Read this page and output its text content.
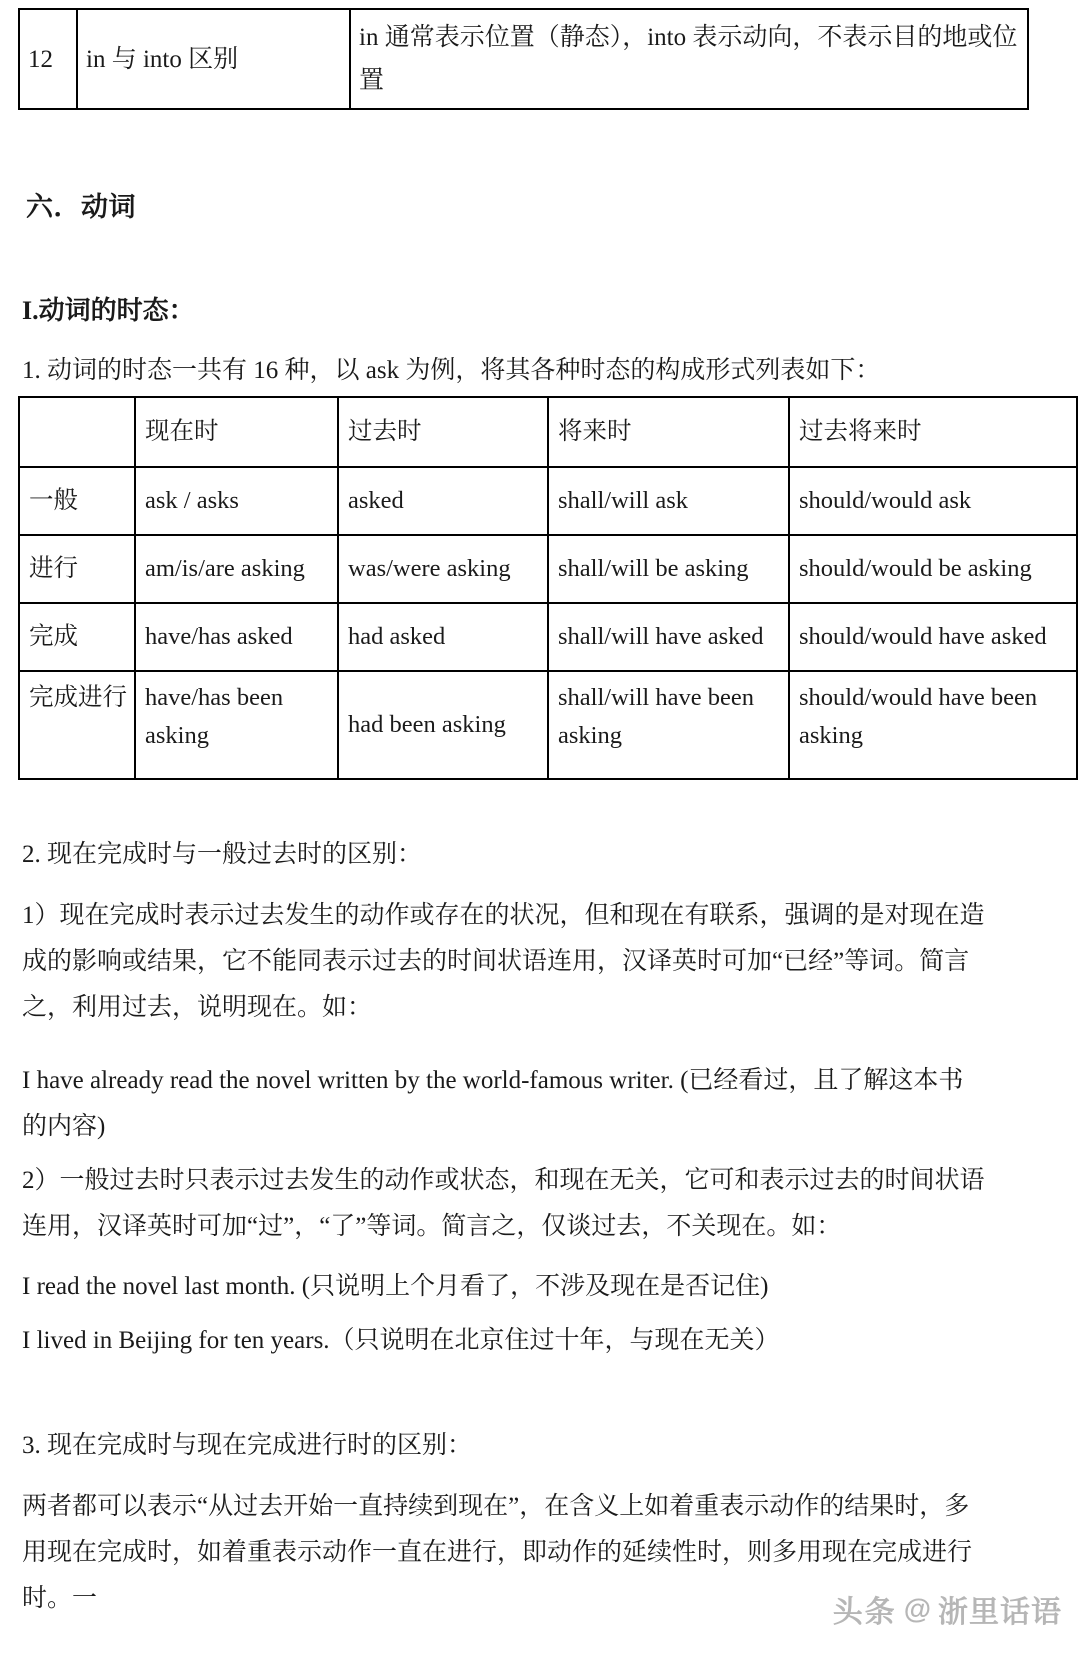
12	in 与 into 区别	in 通常表示位置（静态），into 表示动向，不表示目的地或位置
六．动词
I.动词的时态：
1. 动词的时态一共有 16 种，以 ask 为例，将其各种时态的构成形式列表如下：
	现在时	过去时	将来时	过去将来时
一般	ask / asks	asked	shall/will ask	should/would ask
进行	am/is/are asking	was/were asking	shall/will be asking	should/would be asking
完成	have/has asked	had asked	shall/will have asked	should/would have asked
完成进行	have/has been asking	had been asking	shall/will have been asking	should/would have been asking
2. 现在完成时与一般过去时的区别：
1）现在完成时表示过去发生的动作或存在的状况，但和现在有联系，强调的是对现在造成的影响或结果，它不能同表示过去的时间状语连用，汉译英时可加“已经”等词。简言之，利用过去，说明现在。如：
I have already read the novel written by the world-famous writer. (已经看过，且了解这本书的内容)
2）一般过去时只表示过去发生的动作或状态，和现在无关，它可和表示过去的时间状语连用，汉译英时可加“过”，“了”等词。简言之，仅谈过去，不关现在。如：
I read the novel last month. (只说明上个月看了，不涉及现在是否记住)
I lived in Beijing for ten years.（只说明在北京住过十年，与现在无关）
3. 现在完成时与现在完成进行时的区别：
两者都可以表示“从过去开始一直持续到现在”，在含义上如着重表示动作的结果时，多用现在完成时，如着重表示动作一直在进行，即动作的延续性时，则多用现在完成进行时。一	头条 @ 浙里话语
